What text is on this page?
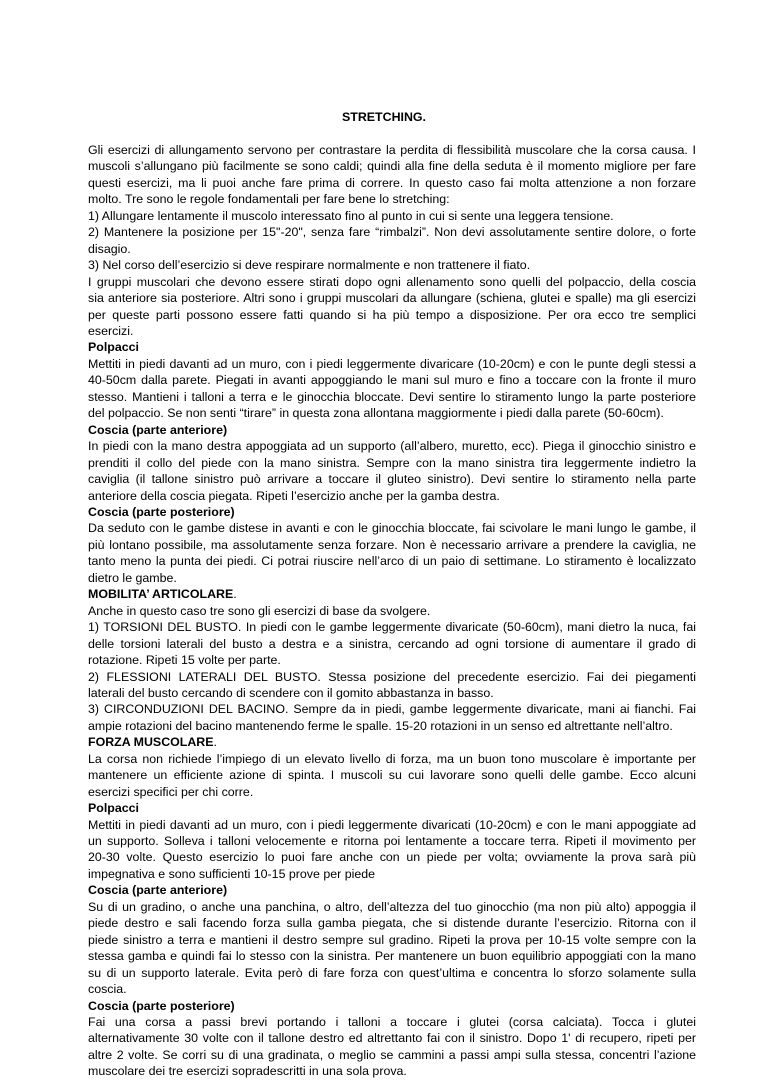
STRETCHING.
Gli esercizi di allungamento servono per contrastare la perdita di flessibilità muscolare che la corsa causa. I
muscoli s’allungano più facilmente se sono caldi; quindi alla fine della seduta è il momento migliore per fare
questi esercizi, ma li puoi anche fare prima di correre. In questo caso fai molta attenzione a non forzare
molto. Tre sono le regole fondamentali per fare bene lo stretching:
1) Allungare lentamente il muscolo interessato fino al punto in cui si sente una leggera tensione.
2) Mantenere la posizione per 15"-20", senza fare “rimbalzi”. Non devi assolutamente sentire dolore, o forte
disagio.
3) Nel corso dell’esercizio si deve respirare normalmente e non trattenere il fiato.
I gruppi muscolari che devono essere stirati dopo ogni allenamento sono quelli del polpaccio, della coscia
sia anteriore sia posteriore. Altri sono i gruppi muscolari da allungare (schiena, glutei e spalle) ma gli esercizi
per queste parti possono essere fatti quando si ha più tempo a disposizione. Per ora ecco tre semplici
esercizi.
Polpacci
Mettiti in piedi davanti ad un muro, con i piedi leggermente divaricare (10-20cm) e con le punte degli stessi a
40-50cm dalla parete. Piegati in avanti appoggiando le mani sul muro e fino a toccare con la fronte il muro
stesso. Mantieni i talloni a terra e le ginocchia bloccate. Devi sentire lo stiramento lungo la parte posteriore
del polpaccio. Se non senti “tirare” in questa zona allontana maggiormente i piedi dalla parete (50-60cm).
Coscia (parte anteriore)
In piedi con la mano destra appoggiata ad un supporto (all’albero, muretto, ecc). Piega il ginocchio sinistro e
prenditi il collo del piede con la mano sinistra. Sempre con la mano sinistra tira leggermente indietro la
caviglia (il tallone sinistro può arrivare a toccare il gluteo sinistro). Devi sentire lo stiramento nella parte
anteriore della coscia piegata. Ripeti l’esercizio anche per la gamba destra.
Coscia (parte posteriore)
Da seduto con le gambe distese in avanti e con le ginocchia bloccate, fai scivolare le mani lungo le gambe, il
più lontano possibile, ma assolutamente senza forzare. Non è necessario arrivare a prendere la caviglia, ne
tanto meno la punta dei piedi. Ci potrai riuscire nell’arco di un paio di settimane. Lo stiramento è localizzato
dietro le gambe.
MOBILITA’ ARTICOLARE.
Anche in questo caso tre sono gli esercizi di base da svolgere.
1) TORSIONI DEL BUSTO. In piedi con le gambe leggermente divaricate (50-60cm), mani dietro la nuca, fai
delle torsioni laterali del busto a destra e a sinistra, cercando ad ogni torsione di aumentare il grado di
rotazione. Ripeti 15 volte per parte.
2) FLESSIONI LATERALI DEL BUSTO. Stessa posizione del precedente esercizio. Fai dei piegamenti
laterali del busto cercando di scendere con il gomito abbastanza in basso.
3) CIRCONDUZIONI DEL BACINO. Sempre da in piedi, gambe leggermente divaricate, mani ai fianchi. Fai
ampie rotazioni del bacino mantenendo ferme le spalle. 15-20 rotazioni in un senso ed altrettante nell’altro.
FORZA MUSCOLARE.
La corsa non richiede l’impiego di un elevato livello di forza, ma un buon tono muscolare è importante per
mantenere un efficiente azione di spinta. I muscoli su cui lavorare sono quelli delle gambe. Ecco alcuni
esercizi specifici per chi corre.
Polpacci
Mettiti in piedi davanti ad un muro, con i piedi leggermente divaricati (10-20cm) e con le mani appoggiate ad
un supporto. Solleva i talloni velocemente e ritorna poi lentamente a toccare terra. Ripeti il movimento per
20-30 volte. Questo esercizio lo puoi fare anche con un piede per volta; ovviamente la prova sarà più
impegnativa e sono sufficienti 10-15 prove per piede
Coscia (parte anteriore)
Su di un gradino, o anche una panchina, o altro, dell’altezza del tuo ginocchio (ma non più alto) appoggia il
piede destro e sali facendo forza sulla gamba piegata, che si distende durante l’esercizio. Ritorna con il
piede sinistro a terra e mantieni il destro sempre sul gradino. Ripeti la prova per 10-15 volte sempre con la
stessa gamba e quindi fai lo stesso con la sinistra. Per mantenere un buon equilibrio appoggiati con la mano
su di un supporto laterale. Evita però di fare forza con quest’ultima e concentra lo sforzo solamente sulla
coscia.
Coscia (parte posteriore)
Fai una corsa a passi brevi portando i talloni a toccare i glutei (corsa calciata). Tocca i glutei
alternativamente 30 volte con il tallone destro ed altrettanto fai con il sinistro. Dopo 1' di recupero, ripeti per
altre 2 volte. Se corri su di una gradinata, o meglio se cammini a passi ampi sulla stessa, concentri l’azione
muscolare dei tre esercizi sopradescritti in una sola prova.
